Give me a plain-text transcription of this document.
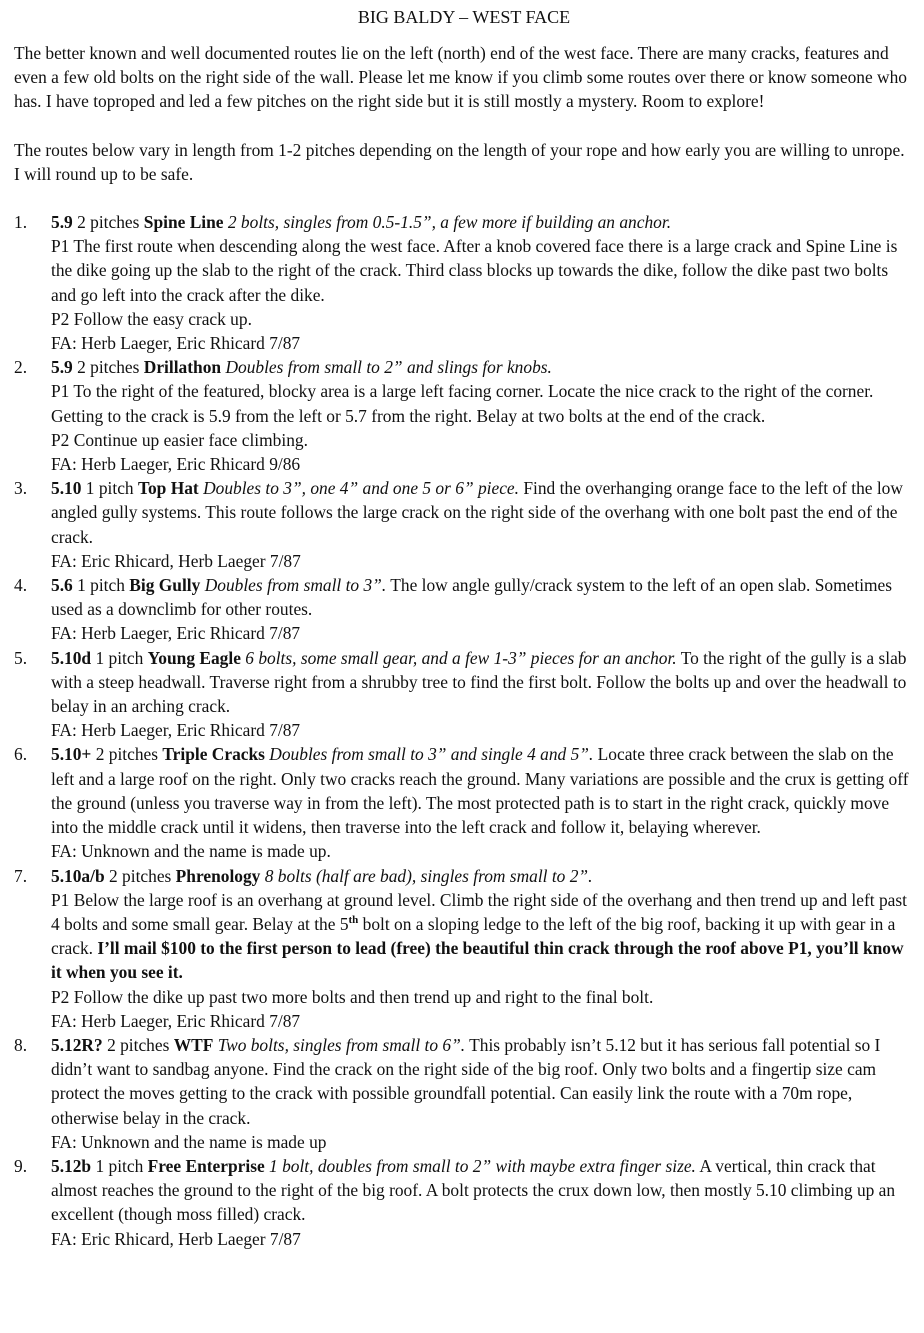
BIG BALDY – WEST FACE

The better known and well documented routes lie on the left (north) end of the west face. There are many cracks, features and even a few old bolts on the right side of the wall. Please let me know if you climb some routes over there or know someone who has. I have toproped and led a few pitches on the right side but it is still mostly a mystery. Room to explore!

The routes below vary in length from 1-2 pitches depending on the length of your rope and how early you are willing to unrope. I will round up to be safe.

1.	5.9 2 pitches Spine Line 2 bolts, singles from 0.5-1.5”, a few more if building an anchor.
P1 The first route when descending along the west face. After a knob covered face there is a large crack and Spine Line is the dike going up the slab to the right of the crack. Third class blocks up towards the dike, follow the dike past two bolts and go left into the crack after the dike.
P2 Follow the easy crack up.
FA: Herb Laeger, Eric Rhicard 7/87
2.	5.9 2 pitches Drillathon Doubles from small to 2” and slings for knobs.
P1 To the right of the featured, blocky area is a large left facing corner. Locate the nice crack to the right of the corner. Getting to the crack is 5.9 from the left or 5.7 from the right. Belay at two bolts at the end of the crack.
P2 Continue up easier face climbing.
FA: Herb Laeger, Eric Rhicard 9/86
3.	5.10 1 pitch Top Hat Doubles to 3”, one 4” and one 5 or 6” piece. Find the overhanging orange face to the left of the low angled gully systems. This route follows the large crack on the right side of the overhang with one bolt past the end of the crack.
FA: Eric Rhicard, Herb Laeger 7/87
4.	5.6 1 pitch Big Gully Doubles from small to 3”. The low angle gully/crack system to the left of an open slab. Sometimes used as a downclimb for other routes.
FA: Herb Laeger, Eric Rhicard 7/87
5.	5.10d 1 pitch Young Eagle 6 bolts, some small gear, and a few 1-3” pieces for an anchor. To the right of the gully is a slab with a steep headwall. Traverse right from a shrubby tree to find the first bolt. Follow the bolts up and over the headwall to belay in an arching crack.
FA: Herb Laeger, Eric Rhicard 7/87
6.	5.10+ 2 pitches Triple Cracks Doubles from small to 3” and single 4 and 5”. Locate three crack between the slab on the left and a large roof on the right. Only two cracks reach the ground. Many variations are possible and the crux is getting off the ground (unless you traverse way in from the left). The most protected path is to start in the right crack, quickly move into the middle crack until it widens, then traverse into the left crack and follow it, belaying wherever.
FA: Unknown and the name is made up.
7.	5.10a/b 2 pitches Phrenology 8 bolts (half are bad), singles from small to 2”.
P1 Below the large roof is an overhang at ground level. Climb the right side of the overhang and then trend up and left past 4 bolts and some small gear. Belay at the 5th bolt on a sloping ledge to the left of the big roof, backing it up with gear in a crack. I’ll mail $100 to the first person to lead (free) the beautiful thin crack through the roof above P1, you’ll know it when you see it.
P2 Follow the dike up past two more bolts and then trend up and right to the final bolt.
FA: Herb Laeger, Eric Rhicard 7/87
8.	5.12R? 2 pitches WTF Two bolts, singles from small to 6”. This probably isn’t 5.12 but it has serious fall potential so I didn’t want to sandbag anyone. Find the crack on the right side of the big roof. Only two bolts and a fingertip size cam protect the moves getting to the crack with possible groundfall potential. Can easily link the route with a 70m rope, otherwise belay in the crack.
FA: Unknown and the name is made up
9.	5.12b 1 pitch Free Enterprise 1 bolt, doubles from small to 2” with maybe extra finger size. A vertical, thin crack that almost reaches the ground to the right of the big roof. A bolt protects the crux down low, then mostly 5.10 climbing up an excellent (though moss filled) crack.
FA: Eric Rhicard, Herb Laeger 7/87
